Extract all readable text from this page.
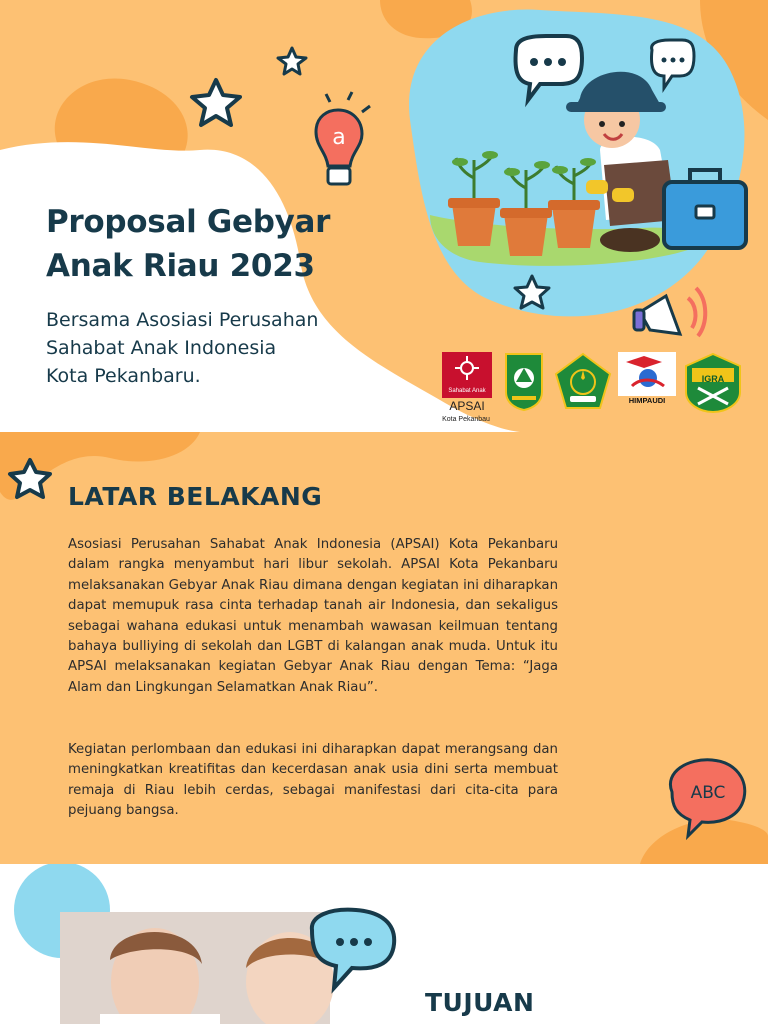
a
Proposal Gebyar Anak Riau 2023
Bersama Asosiasi Perusahan
Sahabat Anak Indonesia
Kota Pekanbaru.
Sahabat Anak
APSAI
Kota Pekanbau
HIMPAUDI
IGRA
ABC
LATAR BELAKANG

Asosiasi Perusahan Sahabat Anak Indonesia (APSAI) Kota Pekanbaru dalam rangka menyambut hari libur sekolah. APSAI Kota Pekanbaru melaksanakan Gebyar Anak Riau dimana dengan kegiatan ini diharapkan dapat memupuk rasa cinta terhadap tanah air Indonesia, dan sekaligus sebagai wahana edukasi untuk menambah wawasan keilmuan tentang bahaya bulliying di sekolah dan LGBT di kalangan anak muda. Untuk itu APSAI melaksanakan kegiatan Gebyar Anak Riau dengan Tema: “Jaga Alam dan Lingkungan Selamatkan Anak Riau”.

Kegiatan perlombaan dan edukasi ini diharapkan dapat merangsang dan meningkatkan kreatifitas dan kecerdasan anak usia dini serta membuat remaja di Riau lebih cerdas, sebagai manifestasi dari cita-cita para pejuang bangsa.

TUJUAN
